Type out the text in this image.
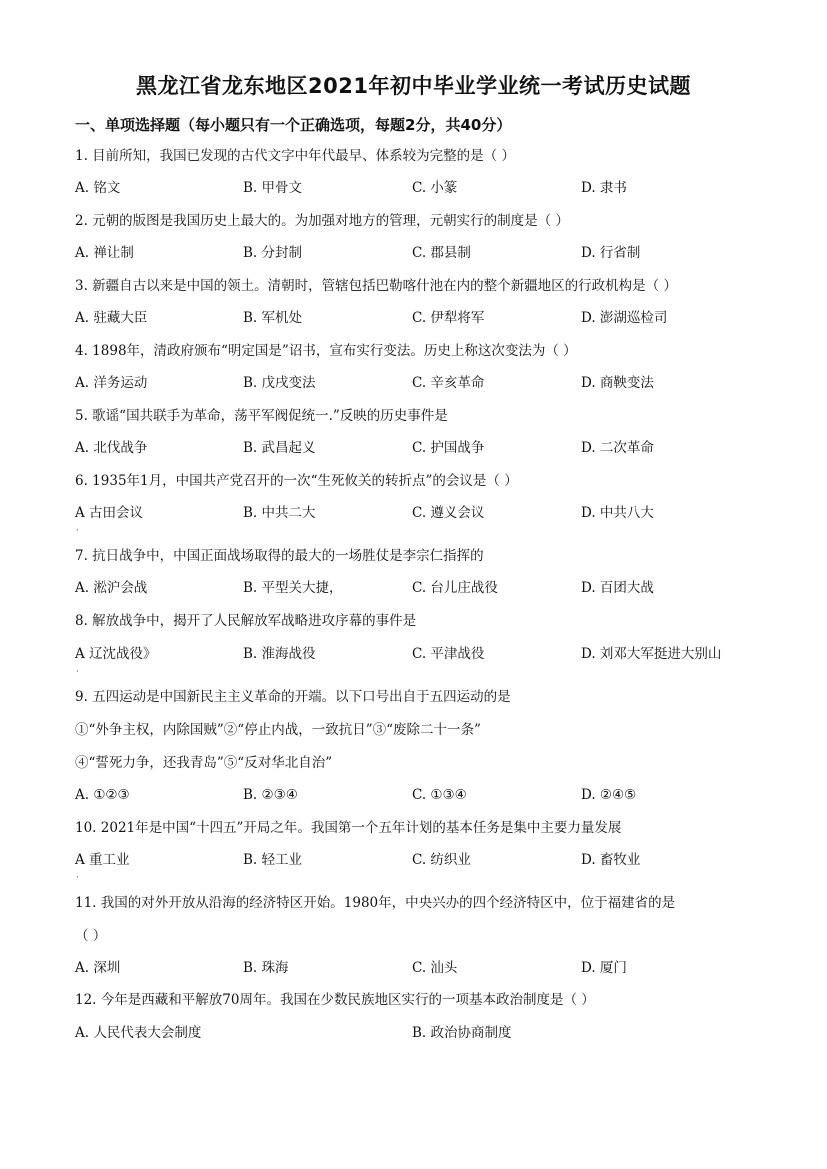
黑龙江省龙东地区2021年初中毕业学业统一考试历史试题
一、单项选择题（每小题只有一个正确选项，每题2分，共40分）
1. 目前所知，我国已发现的古代文字中年代最早、体系较为完整的是（ ）
A. 铭文	B. 甲骨文	C. 小篆	D. 隶书
2. 元朝的版图是我国历史上最大的。为加强对地方的管理，元朝实行的制度是（ ）
A. 禅让制	B. 分封制	C. 郡县制	D. 行省制
3. 新疆自古以来是中国的领土。清朝时，管辖包括巴勒喀什池在内的整个新疆地区的行政机构是（ ）
A. 驻藏大臣	B. 军机处	C. 伊犁将军	D. 澎湖巡检司
4. 1898年，清政府颁布“明定国是”诏书，宣布实行变法。历史上称这次变法为（ ）
A. 洋务运动	B. 戊戌变法	C. 辛亥革命	D. 商鞅变法
5. 歌谣“国共联手为革命，荡平军阀促统一.”反映的历史事件是
A. 北伐战争	B. 武昌起义	C. 护国战争	D. 二次革命
6. 1935年1月，中国共产党召开的一次“生死攸关的转折点”的会议是（ ）
A 古田会议	B. 中共二大	C. 遵义会议	D. 中共八大
·
7. 抗日战争中，中国正面战场取得的最大的一场胜仗是李宗仁指挥的
A. 淞沪会战	B. 平型关大捷，	C. 台儿庄战役	D. 百团大战
8. 解放战争中，揭开了人民解放军战略进攻序幕的事件是
A 辽沈战役》	B. 淮海战役	C. 平津战役	D. 刘邓大军挺进大别山
·
9. 五四运动是中国新民主主义革命的开端。以下口号出自于五四运动的是
①“外争主权，内除国贼”②“停止内战，一致抗日”③“废除二十一条”
④“誓死力争，还我青岛”⑤“反对华北自治”
A. ①②③	B. ②③④	C. ①③④	D. ②④⑤
10. 2021年是中国“十四五”开局之年。我国第一个五年计划的基本任务是集中主要力量发展
A 重工业	B. 轻工业	C. 纺织业	D. 畜牧业
·
11. 我国的对外开放从沿海的经济特区开始。1980年，中央兴办的四个经济特区中，位于福建省的是
（ ）
A. 深圳	B. 珠海	C. 汕头	D. 厦门
12. 今年是西藏和平解放70周年。我国在少数民族地区实行的一项基本政治制度是（ ）
A. 人民代表大会制度	B. 政治协商制度
